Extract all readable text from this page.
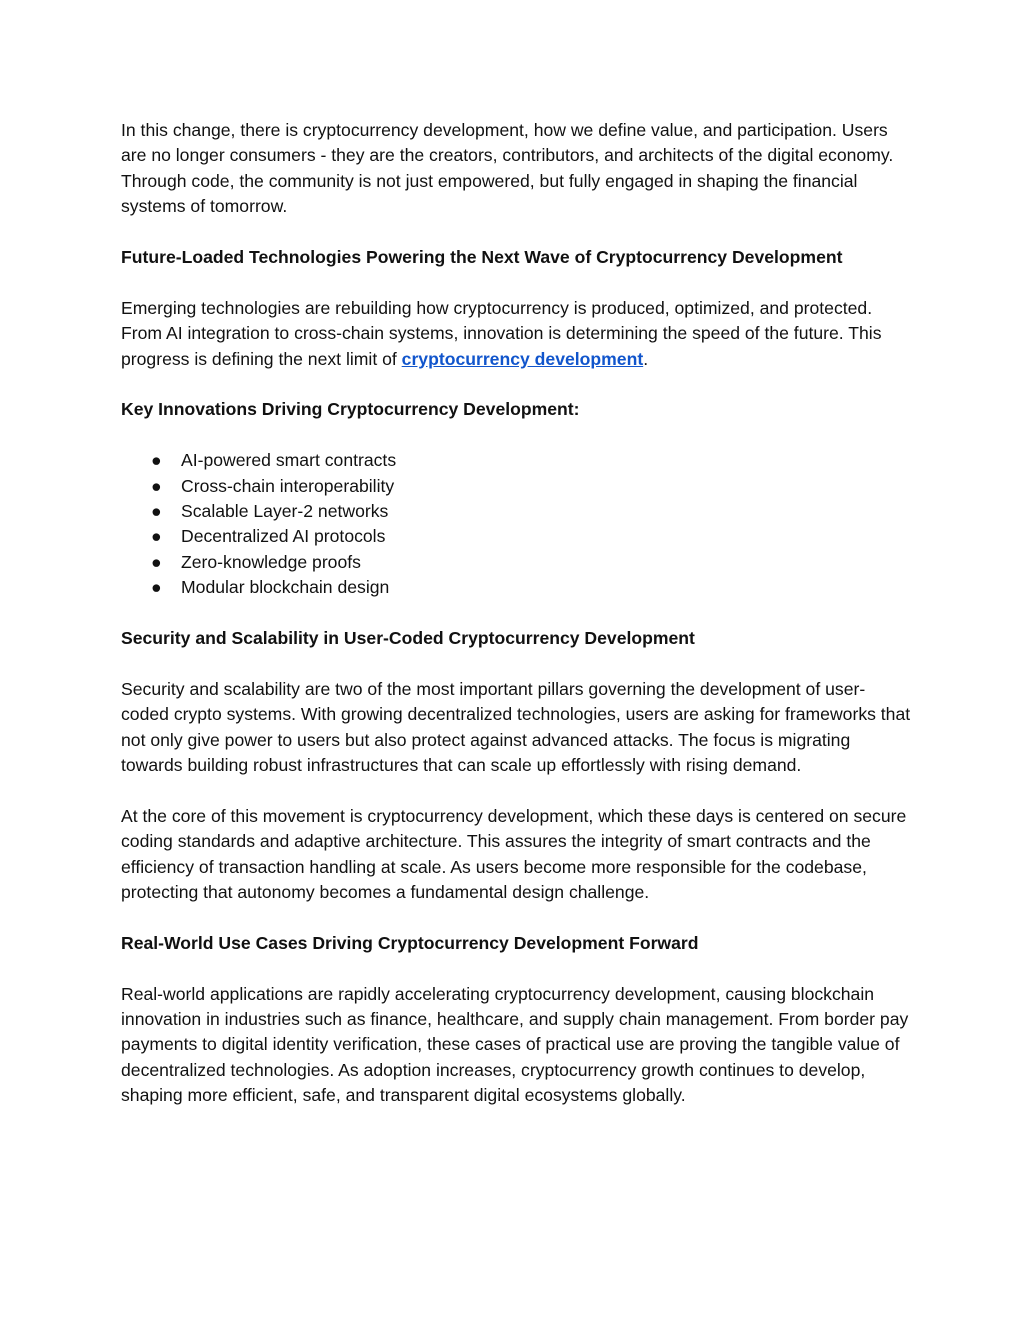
In this change, there is cryptocurrency development, how we define value, and participation. Users are no longer consumers - they are the creators, contributors, and architects of the digital economy. Through code, the community is not just empowered, but fully engaged in shaping the financial systems of tomorrow.

Future-Loaded Technologies Powering the Next Wave of Cryptocurrency Development

Emerging technologies are rebuilding how cryptocurrency is produced, optimized, and protected. From AI integration to cross-chain systems, innovation is determining the speed of the future. This progress is defining the next limit of cryptocurrency development.

Key Innovations Driving Cryptocurrency Development:
● AI-powered smart contracts
● Cross-chain interoperability
● Scalable Layer-2 networks
● Decentralized AI protocols
● Zero-knowledge proofs
● Modular blockchain design
Security and Scalability in User-Coded Cryptocurrency Development

Security and scalability are two of the most important pillars governing the development of user-coded crypto systems. With growing decentralized technologies, users are asking for frameworks that not only give power to users but also protect against advanced attacks. The focus is migrating towards building robust infrastructures that can scale up effortlessly with rising demand.

At the core of this movement is cryptocurrency development, which these days is centered on secure coding standards and adaptive architecture. This assures the integrity of smart contracts and the efficiency of transaction handling at scale. As users become more responsible for the codebase, protecting that autonomy becomes a fundamental design challenge.

Real-World Use Cases Driving Cryptocurrency Development Forward

Real-world applications are rapidly accelerating cryptocurrency development, causing blockchain innovation in industries such as finance, healthcare, and supply chain management. From border pay payments to digital identity verification, these cases of practical use are proving the tangible value of decentralized technologies. As adoption increases, cryptocurrency growth continues to develop, shaping more efficient, safe, and transparent digital ecosystems globally.
